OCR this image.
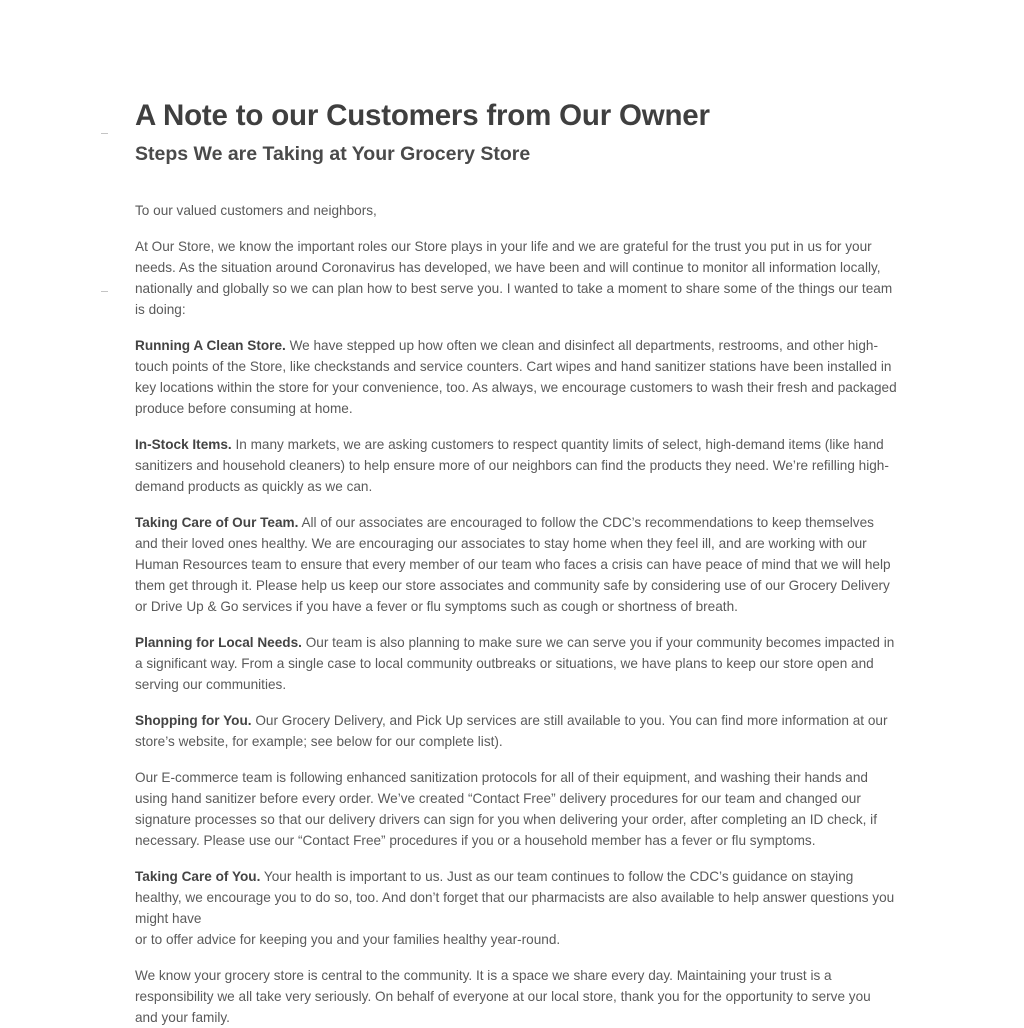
A Note to our Customers from Our Owner
Steps We are Taking at Your Grocery Store

To our valued customers and neighbors,

At Our Store, we know the important roles our Store plays in your life and we are grateful for the trust you put in us for your needs. As the situation around Coronavirus has developed, we have been and will continue to monitor all information locally, nationally and globally so we can plan how to best serve you. I wanted to take a moment to share some of the things our team is doing:

Running A Clean Store. We have stepped up how often we clean and disinfect all departments, restrooms, and other high-touch points of the Store, like checkstands and service counters. Cart wipes and hand sanitizer stations have been installed in key locations within the store for your convenience, too. As always, we encourage customers to wash their fresh and packaged produce before consuming at home.

In-Stock Items. In many markets, we are asking customers to respect quantity limits of select, high-demand items (like hand sanitizers and household cleaners) to help ensure more of our neighbors can find the products they need. We’re refilling high-demand products as quickly as we can.

Taking Care of Our Team. All of our associates are encouraged to follow the CDC’s recommendations to keep themselves and their loved ones healthy. We are encouraging our associates to stay home when they feel ill, and are working with our Human Resources team to ensure that every member of our team who faces a crisis can have peace of mind that we will help them get through it. Please help us keep our store associates and community safe by considering use of our Grocery Delivery or Drive Up & Go services if you have a fever or flu symptoms such as cough or shortness of breath.

Planning for Local Needs. Our team is also planning to make sure we can serve you if your community becomes impacted in a significant way. From a single case to local community outbreaks or situations, we have plans to keep our store open and serving our communities.

Shopping for You. Our Grocery Delivery, and Pick Up services are still available to you. You can find more information at our store’s website, for example; see below for our complete list).

Our E-commerce team is following enhanced sanitization protocols for all of their equipment, and washing their hands and using hand sanitizer before every order. We’ve created “Contact Free” delivery procedures for our team and changed our signature processes so that our delivery drivers can sign for you when delivering your order, after completing an ID check, if necessary. Please use our “Contact Free” procedures if you or a household member has a fever or flu symptoms.

Taking Care of You. Your health is important to us. Just as our team continues to follow the CDC’s guidance on staying healthy, we encourage you to do so, too. And don’t forget that our pharmacists are also available to help answer questions you might have
or to offer advice for keeping you and your families healthy year-round.

We know your grocery store is central to the community. It is a space we share every day. Maintaining your trust is a responsibility we all take very seriously. On behalf of everyone at our local store, thank you for the opportunity to serve you and your family.
